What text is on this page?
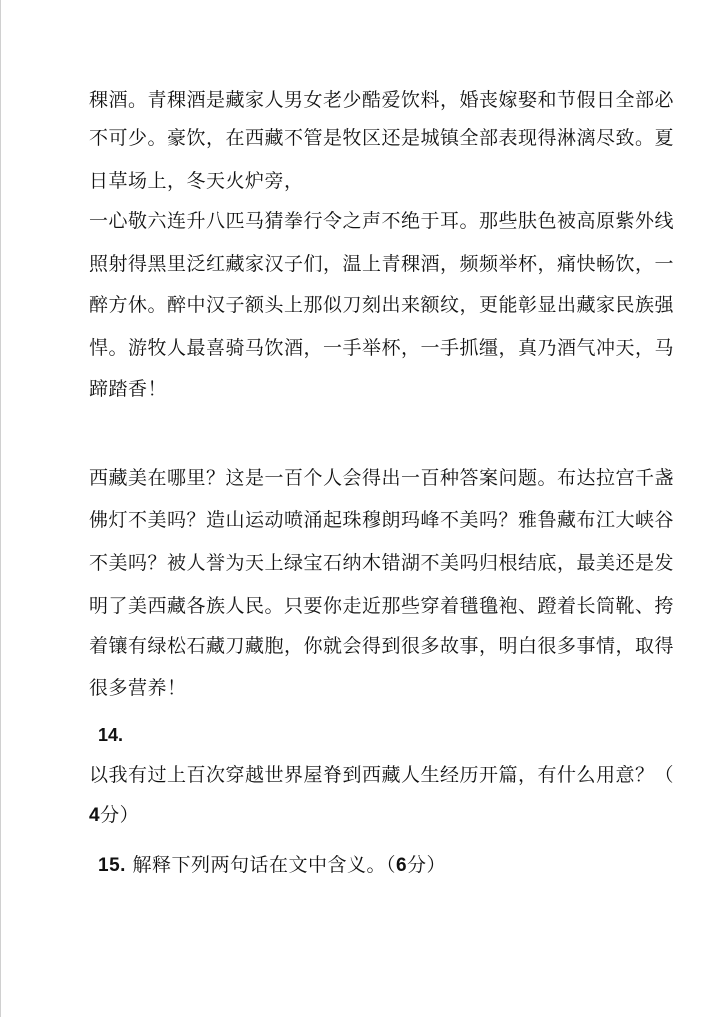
稞酒。青稞酒是藏家人男女老少酷爱饮料，婚丧嫁娶和节假日全部必
不可少。豪饮，在西藏不管是牧区还是城镇全部表现得淋漓尽致。夏
日草场上，冬天火炉旁，
一心敬六连升八匹马猜拳行令之声不绝于耳。那些肤色被高原紫外线
照射得黑里泛红藏家汉子们，温上青稞酒，频频举杯，痛快畅饮，一
醉方休。醉中汉子额头上那似刀刻出来额纹，更能彰显出藏家民族强
悍。游牧人最喜骑马饮酒，一手举杯，一手抓缰，真乃酒气冲天，马
蹄踏香！
西藏美在哪里？这是一百个人会得出一百种答案问题。布达拉宫千盏
佛灯不美吗？造山运动喷涌起珠穆朗玛峰不美吗？雅鲁藏布江大峡谷
不美吗？被人誉为天上绿宝石纳木错湖不美吗归根结底，最美还是发
明了美西藏各族人民。只要你走近那些穿着氆氇袍、蹬着长筒靴、挎
着镶有绿松石藏刀藏胞，你就会得到很多故事，明白很多事情，取得
很多营养！
14.
以我有过上百次穿越世界屋脊到西藏人生经历开篇，有什么用意？（
4分）
15. 解释下列两句话在文中含义。（6分）
